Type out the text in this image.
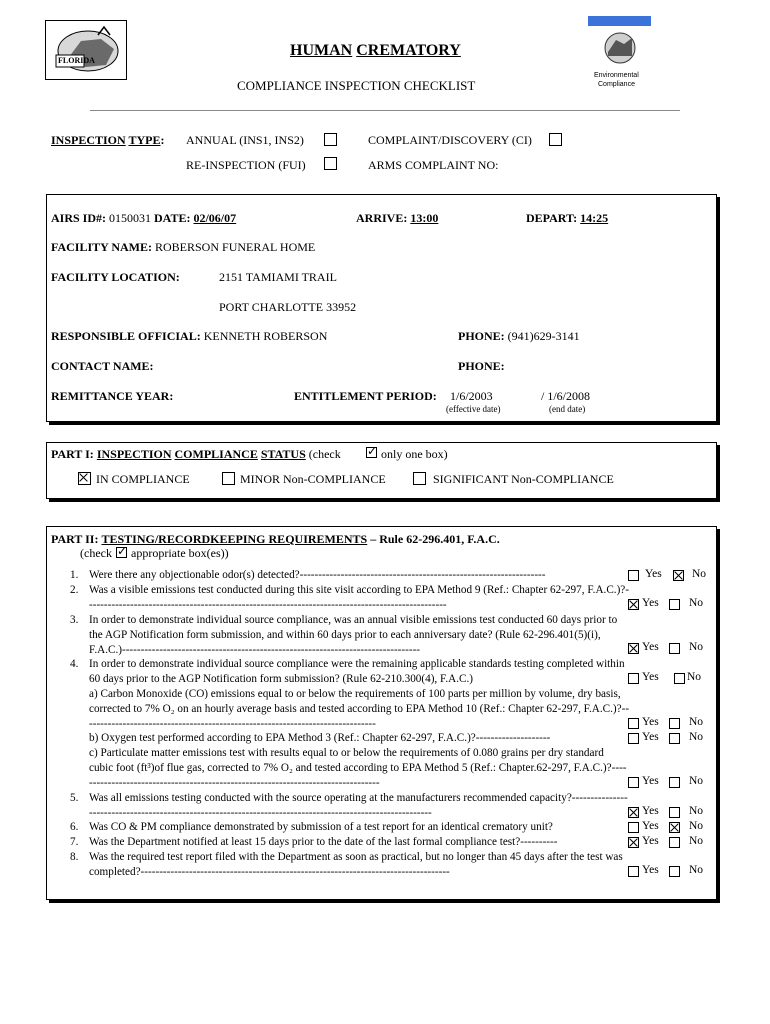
FLORIDA
Environmental
Compliance
HUMAN CREMATORY
COMPLIANCE INSPECTION CHECKLIST
INSPECTION TYPE: ANNUAL (INS1, INS2)	COMPLAINT/DISCOVERY (CI)
RE-INSPECTION (FUI)	ARMS COMPLAINT NO:
AIRS ID#: 0150031 DATE: 02/06/07	ARRIVE: 13:00	DEPART: 14:25
FACILITY NAME: ROBERSON FUNERAL HOME
FACILITY LOCATION:	2151 TAMIAMI TRAIL
PORT CHARLOTTE 33952
RESPONSIBLE OFFICIAL: KENNETH ROBERSON	PHONE: (941)629-3141
CONTACT NAME:	PHONE:
REMITTANCE YEAR:	ENTITLEMENT PERIOD: 1/6/2003	/ 1/6/2008
(effective date)	(end date)
PART I: INSPECTION COMPLIANCE STATUS (check ✓	only one box)
IN COMPLIANCE	MINOR Non-COMPLIANCE	SIGNIFICANT Non-COMPLIANCE
PART II: TESTING/RECORDKEEPING REQUIREMENTS – Rule 62-296.401, F.A.C.
(check ✓ appropriate box(es))
1. Were there any objectionable odor(s) detected?------------------------------------------------------------------	Yes	No
2. Was a visible emissions test conducted during this site visit according to EPA Method 9 (Ref.: Chapter 62-297, F.A.C.)?-------------------------------------------------------------------------------------------------	Yes	No
3. In order to demonstrate individual source compliance, was an annual visible emissions test conducted 60 days prior to the AGP Notification form submission, and within 60 days prior to each anniversary date? (Rule 62-296.401(5)(i), F.A.C.)--------------------------------------------------------------------------------	Yes	No
4. In order to demonstrate individual source compliance were the remaining applicable standards testing completed within 60 days prior to the AGP Notification form submission? (Rule 62-210.300(4), F.A.C.)	Yes No
a) Carbon Monoxide (CO) emissions equal to or below the requirements of 100 parts per million by volume, dry basis, corrected to 7% O₂ on an hourly average basis and tested according to EPA Method 10 (Ref.: Chapter 62-297, F.A.C.)?-------------------------------------------------------------------------------	Yes	No
b) Oxygen test performed according to EPA Method 3 (Ref.: Chapter 62-297, F.A.C.)?--------------------	Yes	No
c) Particulate matter emissions test with results equal to or below the requirements of 0.080 grains per dry standard cubic foot (ft³)of flue gas, corrected to 7% O₂ and tested according to EPA Method 5 (Ref.: Chapter.62-297, F.A.C.)?----------------------------------------------------------------------------------	Yes	No
5. Was all emissions testing conducted with the source operating at the manufacturers recommended capacity?-----------------------------------------------------------------------------------------------------------	Yes	No
6. Was CO & PM compliance demonstrated by submission of a test report for an identical crematory unit?	Yes	No
7. Was the Department notified at least 15 days prior to the date of the last formal compliance test?----------	Yes	No
8. Was the required test report filed with the Department as soon as practical, but no longer than 45 days after the test was completed?-----------------------------------------------------------------------------------	Yes	No
